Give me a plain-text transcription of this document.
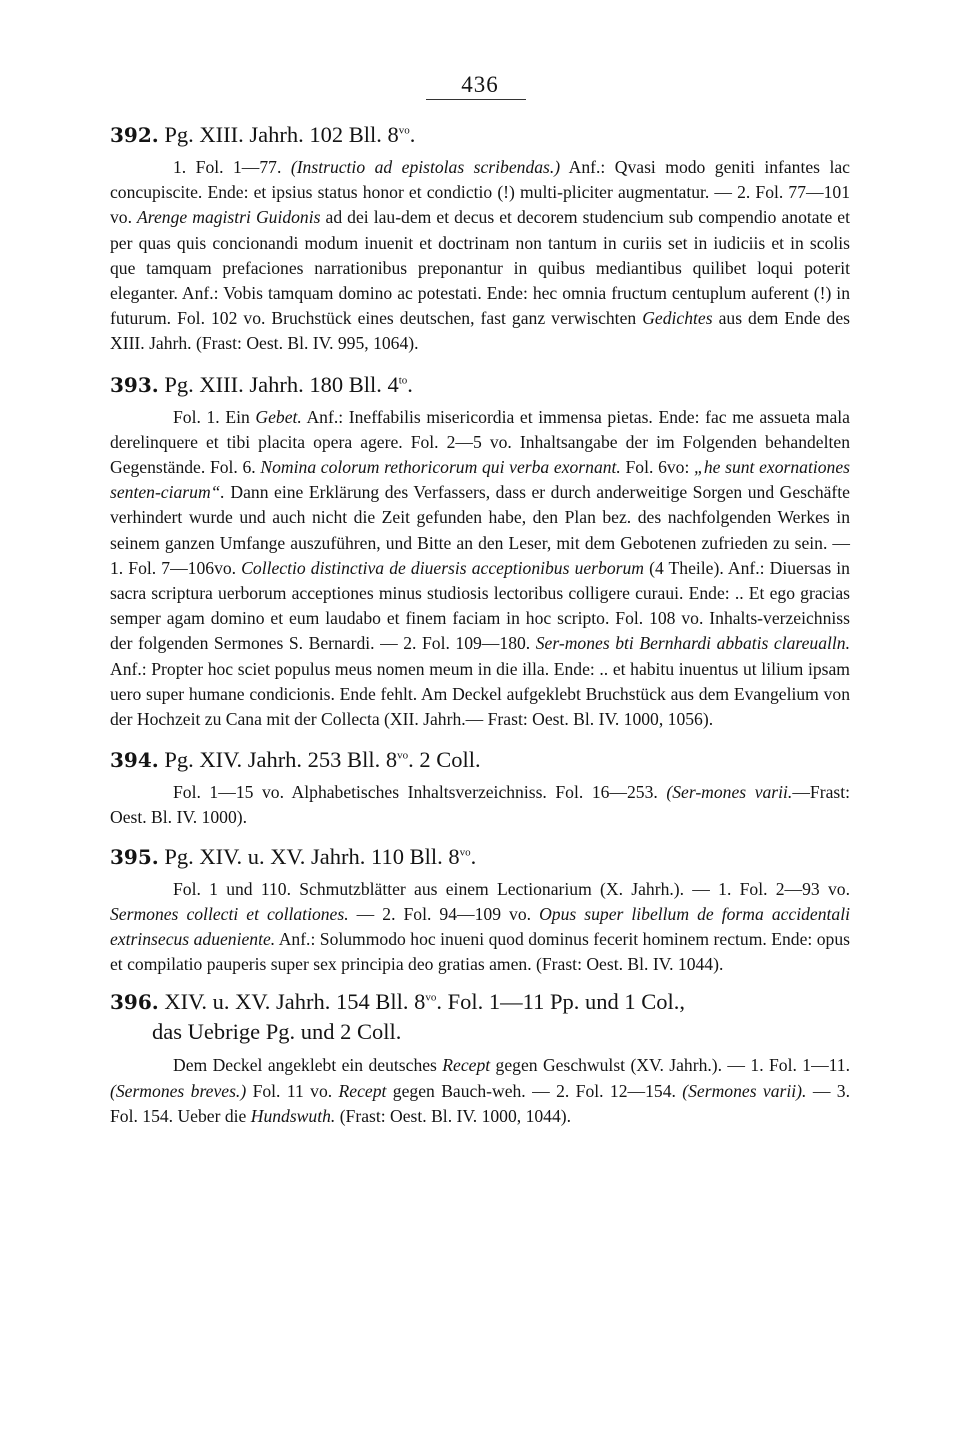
436
392. Pg. XIII. Jahrh. 102 Bll. $8^{vo}$.

1. Fol. 1—77. (Instructio ad epistolas scribendas.) Anf.: Qvasi modo geniti infantes lac concupiscite. Ende: et ipsius status honor et condictio (!) multi-pliciter augmentatur. — 2. Fol. 77—101 vo. Arenge magistri Guidonis ad dei lau-dem et decus et decorem studencium sub compendio anotate et per quas quis concionandi modum inuenit et doctrinam non tantum in curiis set in iudiciis et in scolis que tamquam prefaciones narrationibus preponantur in quibus mediantibus quilibet loqui poterit eleganter. Anf.: Vobis tamquam domino ac potestati. Ende: hec omnia fructum centuplum auferent (!) in futurum. Fol. 102 vo. Bruchstück eines deutschen, fast ganz verwischten Gedichtes aus dem Ende des XIII. Jahrh. (Frast: Oest. Bl. IV. 995, 1064).

393. Pg. XIII. Jahrh. 180 Bll. $4^{to}$.

Fol. 1. Ein Gebet. Anf.: Ineffabilis misericordia et immensa pietas. Ende: fac me assueta mala derelinquere et tibi placita opera agere. Fol. 2—5 vo. Inhaltsangabe der im Folgenden behandelten Gegenstände. Fol. 6. Nomina colorum rethoricorum qui verba exornant. Fol. 6vo: „he sunt exornationes senten-ciarum“. Dann eine Erklärung des Verfassers, dass er durch anderweitige Sorgen und Geschäfte verhindert wurde und auch nicht die Zeit gefunden habe, den Plan bez. des nachfolgenden Werkes in seinem ganzen Umfange auszuführen, und Bitte an den Leser, mit dem Gebotenen zufrieden zu sein. — 1. Fol. 7—106vo. Collectio distinctiva de diuersis acceptionibus uerborum (4 Theile). Anf.: Diuersas in sacra scriptura uerborum acceptiones minus studiosis lectoribus colligere curaui. Ende: .. Et ego gracias semper agam domino et eum laudabo et finem faciam in hoc scripto. Fol. 108 vo. Inhalts-verzeichniss der folgenden Sermones S. Bernardi. — 2. Fol. 109—180. Ser-mones bti Bernhardi abbatis clareualln. Anf.: Propter hoc sciet populus meus nomen meum in die illa. Ende: .. et habitu inuentus ut lilium ipsam uero super humane condicionis. Ende fehlt. Am Deckel aufgeklebt Bruchstück aus dem Evangelium von der Hochzeit zu Cana mit der Collecta (XII. Jahrh.— Frast: Oest. Bl. IV. 1000, 1056).

394. Pg. XIV. Jahrh. 253 Bll. $8^{vo}$. 2 Coll.

Fol. 1—15 vo. Alphabetisches Inhaltsverzeichniss. Fol. 16—253. (Ser-mones varii.—Frast: Oest. Bl. IV. 1000).

395. Pg. XIV. u. XV. Jahrh. 110 Bll. $8^{vo}$.

Fol. 1 und 110. Schmutzblätter aus einem Lectionarium (X. Jahrh.). — 1. Fol. 2—93 vo. Sermones collecti et collationes. — 2. Fol. 94—109 vo. Opus super libellum de forma accidentali extrinsecus adueniente. Anf.: Solummodo hoc inueni quod dominus fecerit hominem rectum. Ende: opus et compilatio pauperis super sex principia deo gratias amen. (Frast: Oest. Bl. IV. 1044).

396. XIV. u. XV. Jahrh. 154 Bll. $8^{vo}$. Fol. 1—11 Pp. und 1 Col.,
das Uebrige Pg. und 2 Coll.

Dem Deckel angeklebt ein deutsches Recept gegen Geschwulst (XV. Jahrh.). — 1. Fol. 1—11. (Sermones breves.) Fol. 11 vo. Recept gegen Bauch-weh. — 2. Fol. 12—154. (Sermones varii). — 3. Fol. 154. Ueber die Hundswuth. (Frast: Oest. Bl. IV. 1000, 1044).
